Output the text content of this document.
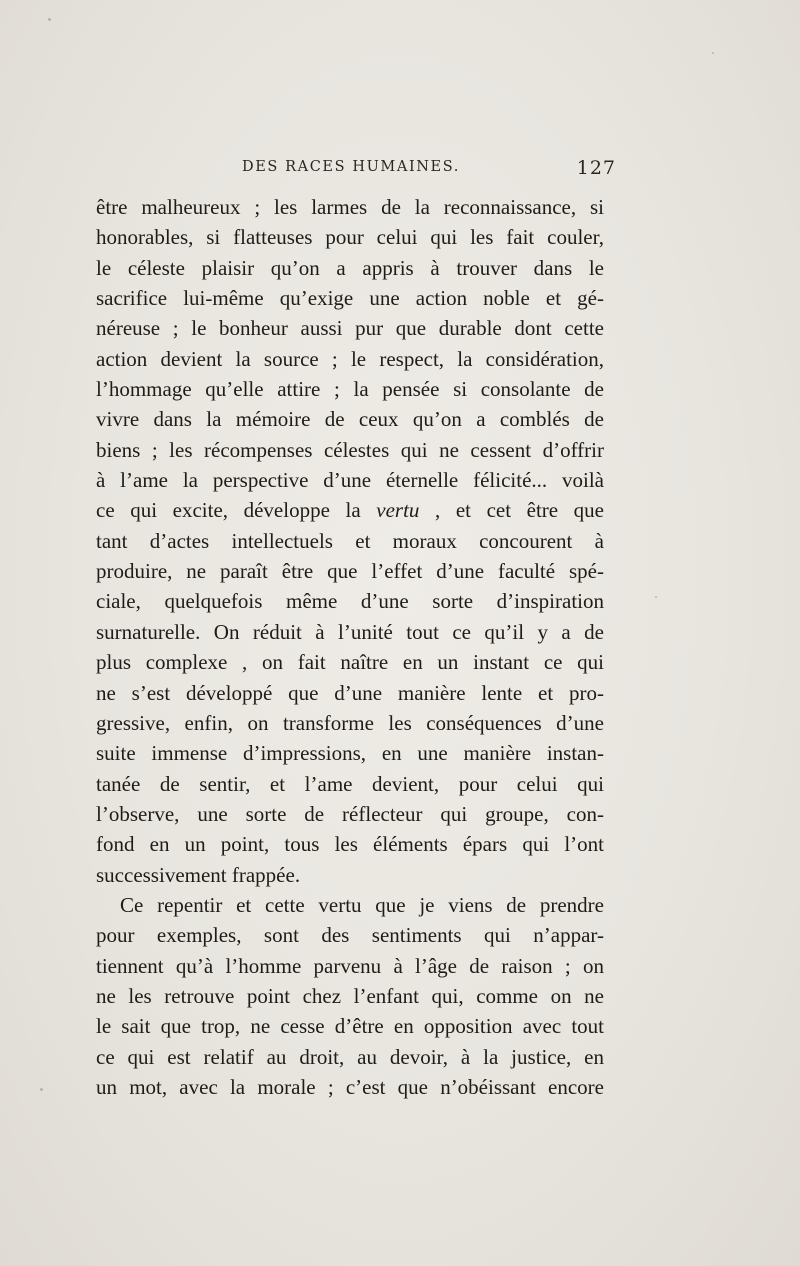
DES RACES HUMAINES.	127
être malheureux ; les larmes de la reconnaissance, si
honorables, si flatteuses pour celui qui les fait couler,
le céleste plaisir qu’on a appris à trouver dans le
sacrifice lui-même qu’exige une action noble et gé-
néreuse ; le bonheur aussi pur que durable dont cette
action devient la source ; le respect, la considération,
l’hommage qu’elle attire ; la pensée si consolante de
vivre dans la mémoire de ceux qu’on a comblés de
biens ; les récompenses célestes qui ne cessent d’offrir
à l’ame la perspective d’une éternelle félicité... voilà
ce qui excite, développe la vertu , et cet être que
tant d’actes intellectuels et moraux concourent à
produire, ne paraît être que l’effet d’une faculté spé-
ciale, quelquefois même d’une sorte d’inspiration
surnaturelle. On réduit à l’unité tout ce qu’il y a de
plus complexe , on fait naître en un instant ce qui
ne s’est développé que d’une manière lente et pro-
gressive, enfin, on transforme les conséquences d’une
suite immense d’impressions, en une manière instan-
tanée de sentir, et l’ame devient, pour celui qui
l’observe, une sorte de réflecteur qui groupe, con-
fond en un point, tous les éléments épars qui l’ont
successivement frappée.
Ce repentir et cette vertu que je viens de prendre
pour exemples, sont des sentiments qui n’appar-
tiennent qu’à l’homme parvenu à l’âge de raison ; on
ne les retrouve point chez l’enfant qui, comme on ne
le sait que trop, ne cesse d’être en opposition avec tout
ce qui est relatif au droit, au devoir, à la justice, en
un mot, avec la morale ; c’est que n’obéissant encore
